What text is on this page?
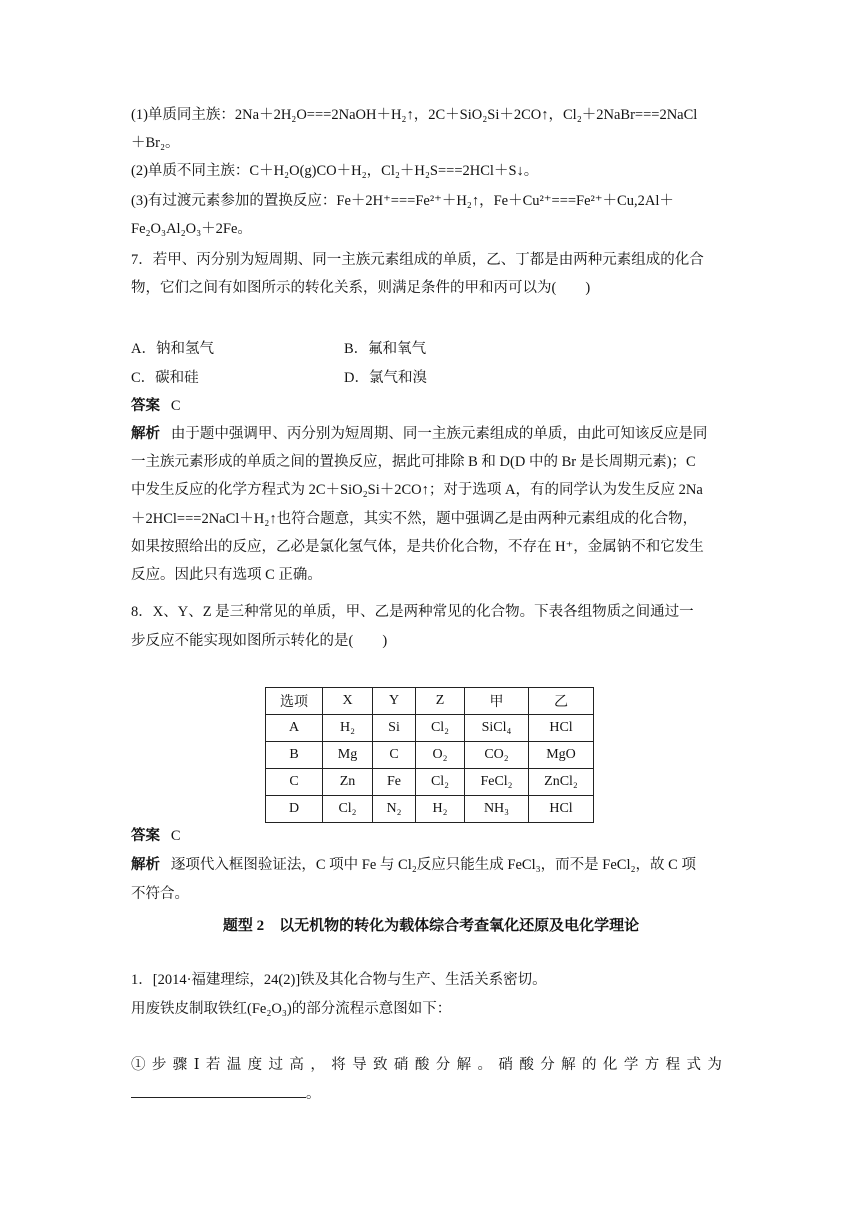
(1)单质同主族：2Na＋2H₂O===2NaOH＋H₂↑，2C＋SiO₂Si＋2CO↑，Cl₂＋2NaBr===2NaCl
＋Br₂。
(2)单质不同主族：C＋H₂O(g)CO＋H₂，Cl₂＋H₂S===2HCl＋S↓。
(3)有过渡元素参加的置换反应：Fe＋2H⁺===Fe²⁺＋H₂↑，Fe＋Cu²⁺===Fe²⁺＋Cu,2Al＋
Fe₂O₃Al₂O₃＋2Fe。
7．若甲、丙分别为短周期、同一主族元素组成的单质，乙、丁都是由两种元素组成的化合
物，它们之间有如图所示的转化关系，则满足条件的甲和丙可以为(　　)
A．钠和氢气	B．氟和氧气
C．碳和硅	D．氯气和溴
答案 C
解析 由于题中强调甲、丙分别为短周期、同一主族元素组成的单质，由此可知该反应是同
一主族元素形成的单质之间的置换反应，据此可排除 B 和 D(D 中的 Br 是长周期元素)；C
中发生反应的化学方程式为 2C＋SiO₂Si＋2CO↑；对于选项 A，有的同学认为发生反应 2Na
＋2HCl===2NaCl＋H₂↑也符合题意，其实不然，题中强调乙是由两种元素组成的化合物，
如果按照给出的反应，乙必是氯化氢气体，是共价化合物，不存在 H⁺，金属钠不和它发生
反应。因此只有选项 C 正确。
8．X、Y、Z 是三种常见的单质，甲、乙是两种常见的化合物。下表各组物质之间通过一
步反应不能实现如图所示转化的是(　　)
选项	X	Y	Z	甲	乙
A	H₂	Si	Cl₂	SiCl₄	HCl
B	Mg	C	O₂	CO₂	MgO
C	Zn	Fe	Cl₂	FeCl₂	ZnCl₂
D	Cl₂	N₂	H₂	NH₃	HCl
答案 C
解析 逐项代入框图验证法，C 项中 Fe 与 Cl₂反应只能生成 FeCl₃，而不是 FeCl₂，故 C 项
不符合。
题型 2　以无机物的转化为载体综合考查氧化还原及电化学理论
1．[2014·福建理综，24(2)]铁及其化合物与生产、生活关系密切。
用废铁皮制取铁红(Fe₂O₃)的部分流程示意图如下：
①步骤Ⅰ若温度过高，将导致硝酸分解。硝酸分解的化学方程式为
。
